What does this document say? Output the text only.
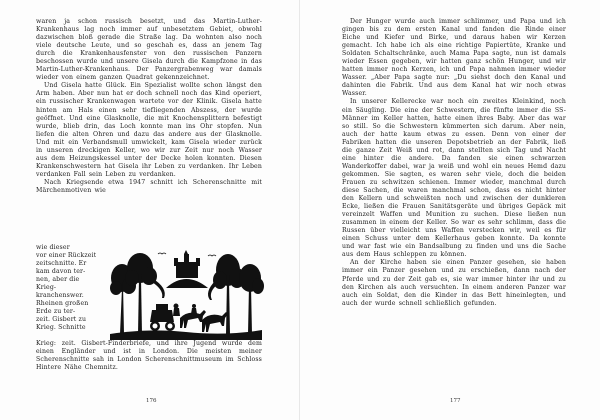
waren ja schon russisch besetzt, und das Martin-Luther-Krankenhaus lag noch immer auf unbesetztem Gebiet, obwohl dazwischen bloß gerade die Straße lag. Da wohnten also noch viele deutsche Leute, und so geschah es, dass an jenem Tag durch die Krankenhausfenster von den russischen Panzern beschossen wurde und unsere Gisela durch die Kampfzone in das Martin-Luther-Krankenhaus. Der Panzergrabenweg war damals wieder von einem ganzen Quadrat gekennzeichnet.

Und Gisela hatte Glück. Ein Spezialist wollte schon längst den Arm haben. Aber nun hat er doch schnell noch das Kind operiert, ein russischer Krankenwagen wartete vor der Klinik. Gisela hatte hinten am Hals einen sehr tiefliegenden Abszess, der wurde geöffnet. Und eine Glasknolle, die mit Knochensplittern befestigt wurde, blieb drin, das Loch konnte man ins Ohr stopfen. Nun liefen die alten Ohren und dazu das andere aus der Glasknolle. Und mit ein Verbandsmull umwickelt, kam Gisela wieder zurück in unseren dreckigen Keller, wo wir zur Zeit nur noch Wasser aus dem Heizungskessel unter der Decke holen konnten. Diesen Krankenschwestern hat Gisela ihr Leben zu verdanken. Ihr Leben verdanken Fall sein Leben zu verdanken.

Nach Kriegsende etwa 1947 schnitt ich Scherenschnitte mit Märchenmotiven wie

wie dieser
vor einer Rückzeit
zeitschnitte. Er
kam davon ter-
nen, aber die
Krieg-
kranchenswer.
Rheinen großen
Erde zu ter-
zeit. Gisbert zu
Krieg. Schnitte

Krieg: zeit. Gisbert-Finderbriefe, und ihre Jugend wurde dem einen Engländer und ist in London. Die meisten meiner Scherenschnitte sah in London Scherenschnittmuseum im Schloss Hintere Nähe Chemnitz.

176

Der Hunger wurde auch immer schlimmer, und Papa und ich gingen bis zu dem ersten Kanal und fanden die Rinde einer Eiche und Kiefer und Birke, und daraus haben wir Kerzen gemacht. Ich habe ich als eine richtige Papiertüte, Kranke und Soldaten Schaltschränke, auch Mama Papa sagte, nun ist damals wieder Essen gegeben, wir hatten ganz schön Hunger, und wir hatten immer noch Kerzen, ich und Papa nahmen immer wieder Wasser. „Aber Papa sagte nur: „Du siehst doch den Kanal und dahinten die Fabrik. Und aus dem Kanal hat wir noch etwas Wasser.

In unserer Kellerecke war noch ein zweites Kleinkind, noch ein Säugling. Die eine der Schwestern, die fünfte immer die SS-Männer im Keller hatten, hatte einen ihres Baby. Aber das war so still. So die Schwestern kümmerten sich darum. Aber nein, auch der hatte kaum etwas zu essen. Denn von einer der Fabriken hatten die unseren Depotsbetrieb an der Fabrik, ließ die ganze Zeit Weiß und rot, dann stellten sich Tag und Nacht eine hinter die andere. Da fanden sie einen schwarzen Wanderkoffer dabei, war ja weiß und wohl ein neues Hemd dazu gekommen. Sie sagten, es waren sehr viele, doch die beiden Frauen zu schwitzen schienen. Immer wieder, manchmal durch diese Sachen, die waren manchmal schon, dass es nicht hinter den Kellern und schweißten noch und zwischen der dunkleren Ecke, ließen die Frauen Sanitätsgeräte und übriges Gepäck mit vereinzelt Waffen und Munition zu suchen. Diese ließen nun zusammen in einem der Keller. So war es sehr schlimm, dass die Russen über vielleicht uns Waffen verstecken wir, weil es für einen Schuss unter dem Kellerhaus geben konnte. Da konnte und war fast wie ein Bandsalbung zu finden und uns die Sache aus dem Haus schleppen zu können.

An der Kirche haben sie einen Panzer gesehen, sie haben immer ein Panzer gesehen und zu erschießen, dann nach der Pferde und zu der Zeit gab es, sie war immer hinter ihr und zu den Kirchen als auch versuchten. In einem anderen Panzer war auch ein Soldat, den die Kinder in das Bett hineinlegten, und auch der wurde schnell schließlich gefunden.

177
